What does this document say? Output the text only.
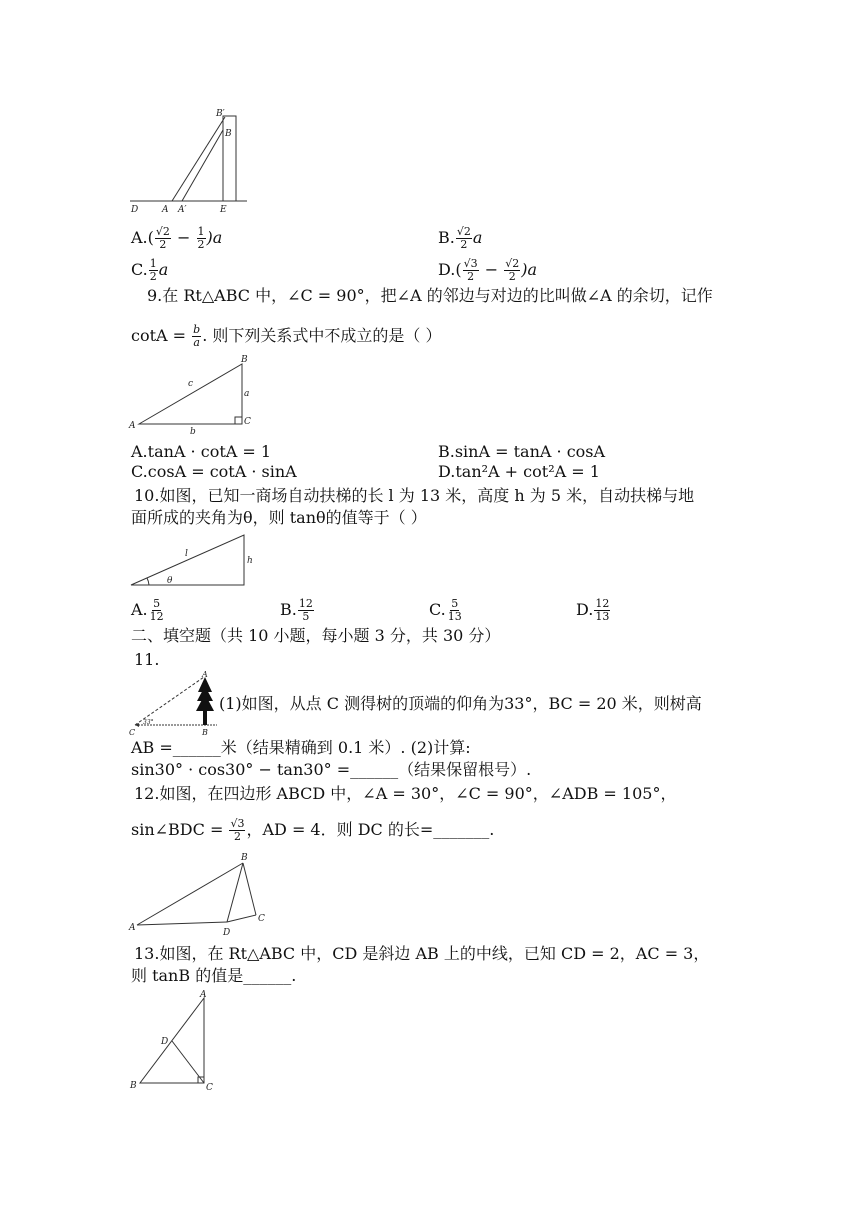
B′
B
D	A A′	E
$A.( \frac{√2}{2} - \frac{1}{2} )a$	B. $\frac{√2}{2}$ a
C. $\frac{1}{2}$ a	$D.( \frac{√3}{2} - \frac{√2}{2} )a$
9.在 Rt△ABC 中，∠C = 90°，把∠A 的邻边与对边的比叫做∠A 的余切，记作
$\cot A = \frac{b}{a}$ . 则下列关系式中不成立的是（ ）
B
A	C
a
c
b
A.tanA · cotA = 1	B.sinA = tanA · cosA
C.cosA = cotA · sinA	D.tan²A + cot²A = 1
10.如图，已知一商场自动扶梯的长 l 为 13 米，高度 h 为 5 米，自动扶梯与地
面所成的夹角为θ，则 tanθ的值等于（ ）
l
h
θ
A. $\frac{5}{12}$	B. $\frac{12}{5}$	C. $\frac{5}{13}$	D. $\frac{12}{13}$
二、填空题（共 10 小题，每小题 3 分，共 30 分）
11.
A
B
C
33°
(1)如图，从点 C 测得树的顶端的仰角为33°，BC = 20 米，则树高
AB =______米（结果精确到 0.1 米）. (2)计算:
sin30° · cos30° − tan30° =______（结果保留根号）.
12.如图，在四边形 ABCD 中，∠A = 30°，∠C = 90°，∠ADB = 105°，
sin∠BDC = $\frac{√3}{2}$ ，AD = 4．则 DC 的长=_______.
B
A
C
D
13.如图，在 Rt△ABC 中，CD 是斜边 AB 上的中线，已知 CD = 2，AC = 3，
则 tanB 的值是______.
A
D
B	C
